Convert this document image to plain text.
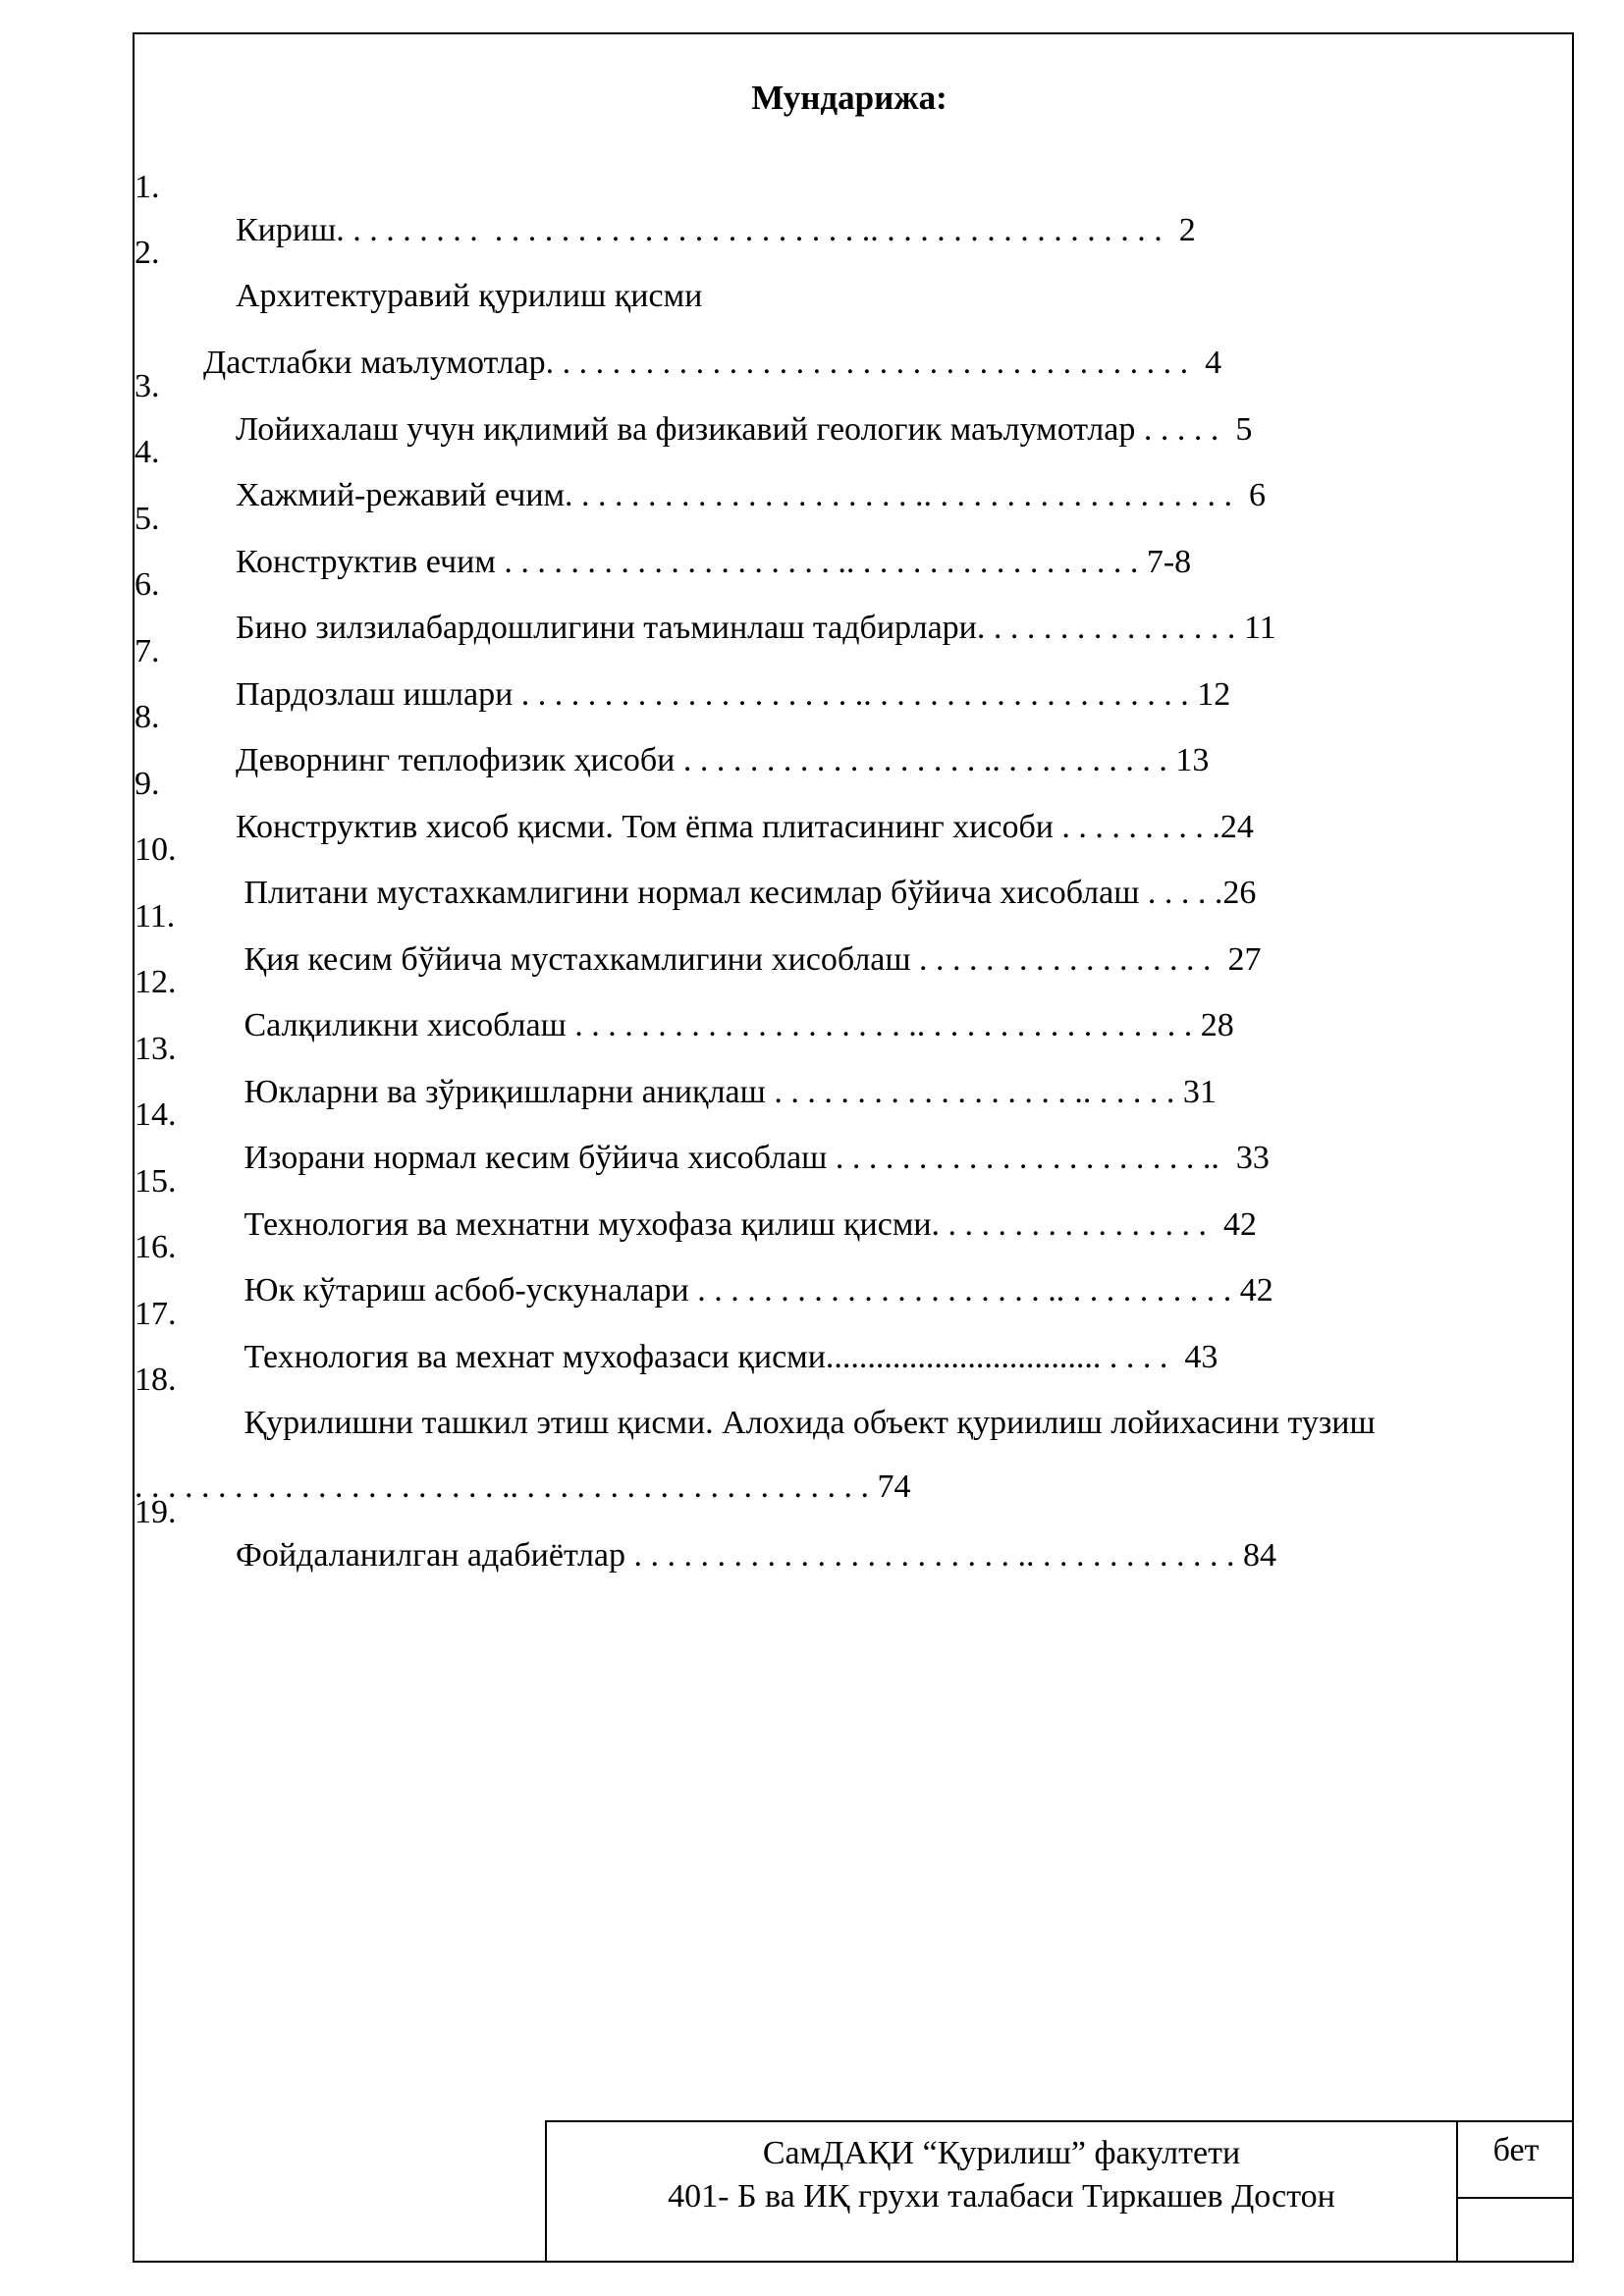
Мундарижа:

1.

Кириш. . . . . . . . .  . . . . . . . . . . . . . . . . . . . . . . .. . . . . . . . . . . . . . . . . .  2

2.

Архитектуравий қурилиш қисми

Дастлабки маълумотлар. . . . . . . . . . . . . . . . . . . . . . . . . . . . . . . . . . . . . . .  4

3.

Лойихалаш учун иқлимий ва физикавий геологик маълумотлар . . . . .  5

4.

Хажмий-режавий ечим. . . . . . . . . . . . . . . . . . . . . .. . . . . . . . . . . . . . . . . . .  6

5.

Конструктив ечим . . . . . . . . . . . . . . . . . . . . .. . . . . . . . . . . . . . . . . . 7-8

6.

Бино зилзилабардошлигини таъминлаш тадбирлари. . . . . . . . . . . . . . . . 11

7.

Пардозлаш ишлари . . . . . . . . . . . . . . . . . . . . .. . . . . . . . . . . . . . . . . . . . 12

8.

Деворнинг теплофизик ҳисоби . . . . . . . . . . . . . . . . . . .. . . . . . . . . . . 13

9.

Конструктив хисоб қисми. Том ёпма плитасининг хисоби . . . . . . . . . .24

10.

Плитани мустахкамлигини нормал кесимлар бўйича хисоблаш . . . . .26

11.

Қия кесим бўйича мустахкамлигини хисоблаш . . . . . . . . . . . . . . . . . .  27

12.

Салқиликни хисоблаш . . . . . . . . . . . . . . . . . . . . .. . . . . . . . . . . . . . . . . 28

13.

Юкларни ва зўриқишларни аниқлаш . . . . . . . . . . . . . . . . . . .. . . . . . 31

14.

Изорани нормал кесим бўйича хисоблаш . . . . . . . . . . . . . . . . . . . . . . ..  33

15.

Технология ва мехнатни мухофаза қилиш қисми. . . . . . . . . . . . . . . . .  42

16.

Юк кўтариш асбоб-ускуналари . . . . . . . . . . . . . . . . . . . . . .. . . . . . . . . . . 42

17.

Технология ва мехнат мухофазаси қисми................................. . . . .  43

18.

Қурилишни ташкил этиш қисми. Алохида объект қуриилиш лойихасини тузиш

. . . . . . . . . . . . . . . . . . . . . . .. . . . . . . . . . . . . . . . . . . . . . 74

19.

Фойдаланилган адабиётлар . . . . . . . . . . . . . . . . . . . . . . . .. . . . . . . . . . . . . 84

СамДАҚИ “Қурилиш” факултети
401- Б ва ИҚ грухи талабаси Тиркашев Достон
бет
